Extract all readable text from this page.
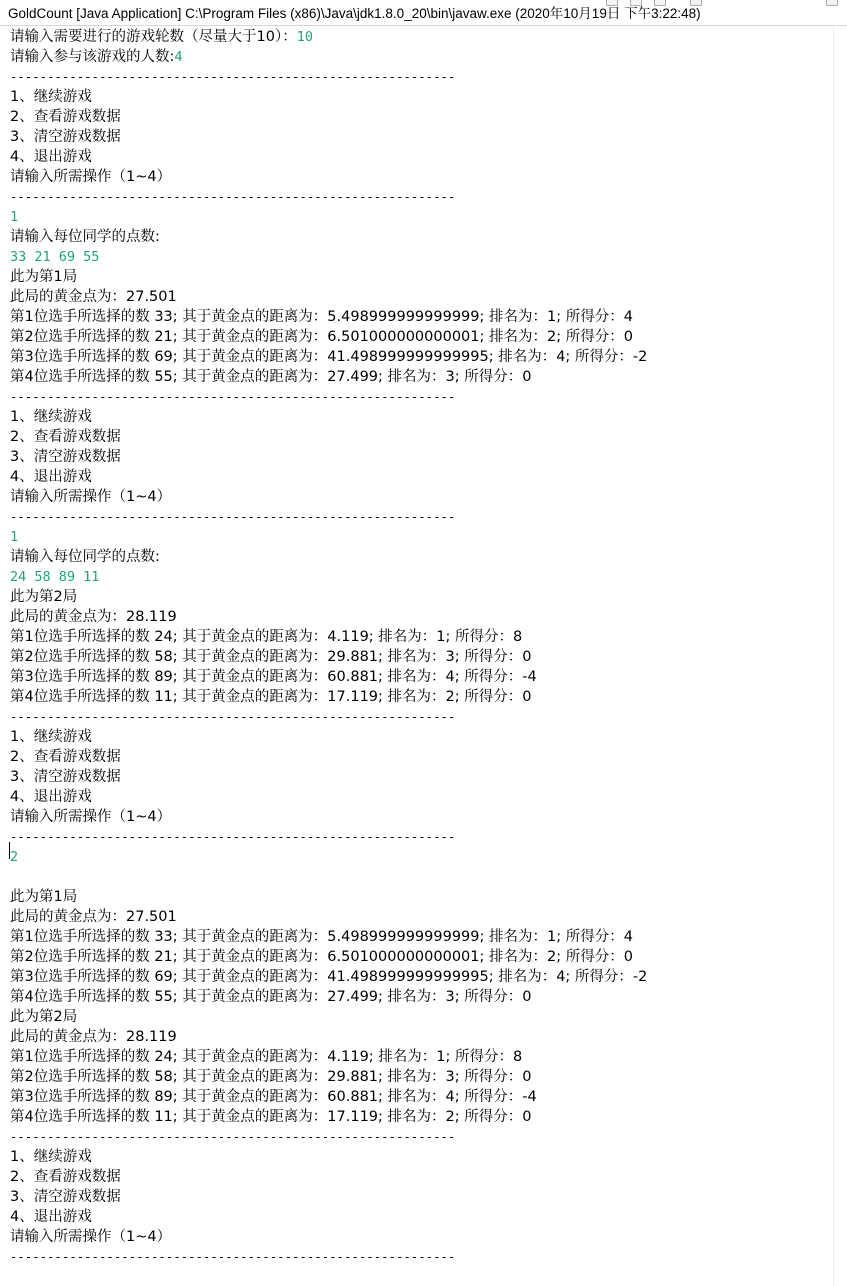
GoldCount [Java Application] C:\Program Files (x86)\Java\jdk1.8.0_20\bin\javaw.exe (2020年10月19日 下午3:22:48)
请输入需要进行的游戏轮数（尽量大于10）：10
请输入参与该游戏的人数:4
------------------------------------------------------------
1、继续游戏
2、查看游戏数据
3、清空游戏数据
4、退出游戏
请输入所需操作（1~4）
------------------------------------------------------------
1
请输入每位同学的点数:
33 21 69 55
此为第1局
此局的黄金点为：27.501
第1位选手所选择的数 33; 其于黄金点的距离为：5.498999999999999; 排名为：1; 所得分：4
第2位选手所选择的数 21; 其于黄金点的距离为：6.501000000000001; 排名为：2; 所得分：0
第3位选手所选择的数 69; 其于黄金点的距离为：41.498999999999995; 排名为：4; 所得分：-2
第4位选手所选择的数 55; 其于黄金点的距离为：27.499; 排名为：3; 所得分：0
------------------------------------------------------------
1、继续游戏
2、查看游戏数据
3、清空游戏数据
4、退出游戏
请输入所需操作（1~4）
------------------------------------------------------------
1
请输入每位同学的点数:
24 58 89 11
此为第2局
此局的黄金点为：28.119
第1位选手所选择的数 24; 其于黄金点的距离为：4.119; 排名为：1; 所得分：8
第2位选手所选择的数 58; 其于黄金点的距离为：29.881; 排名为：3; 所得分：0
第3位选手所选择的数 89; 其于黄金点的距离为：60.881; 排名为：4; 所得分：-4
第4位选手所选择的数 11; 其于黄金点的距离为：17.119; 排名为：2; 所得分：0
------------------------------------------------------------
1、继续游戏
2、查看游戏数据
3、清空游戏数据
4、退出游戏
请输入所需操作（1~4）
------------------------------------------------------------
2
此为第1局
此局的黄金点为：27.501
第1位选手所选择的数 33; 其于黄金点的距离为：5.498999999999999; 排名为：1; 所得分：4
第2位选手所选择的数 21; 其于黄金点的距离为：6.501000000000001; 排名为：2; 所得分：0
第3位选手所选择的数 69; 其于黄金点的距离为：41.498999999999995; 排名为：4; 所得分：-2
第4位选手所选择的数 55; 其于黄金点的距离为：27.499; 排名为：3; 所得分：0
此为第2局
此局的黄金点为：28.119
第1位选手所选择的数 24; 其于黄金点的距离为：4.119; 排名为：1; 所得分：8
第2位选手所选择的数 58; 其于黄金点的距离为：29.881; 排名为：3; 所得分：0
第3位选手所选择的数 89; 其于黄金点的距离为：60.881; 排名为：4; 所得分：-4
第4位选手所选择的数 11; 其于黄金点的距离为：17.119; 排名为：2; 所得分：0
------------------------------------------------------------
1、继续游戏
2、查看游戏数据
3、清空游戏数据
4、退出游戏
请输入所需操作（1~4）
------------------------------------------------------------
